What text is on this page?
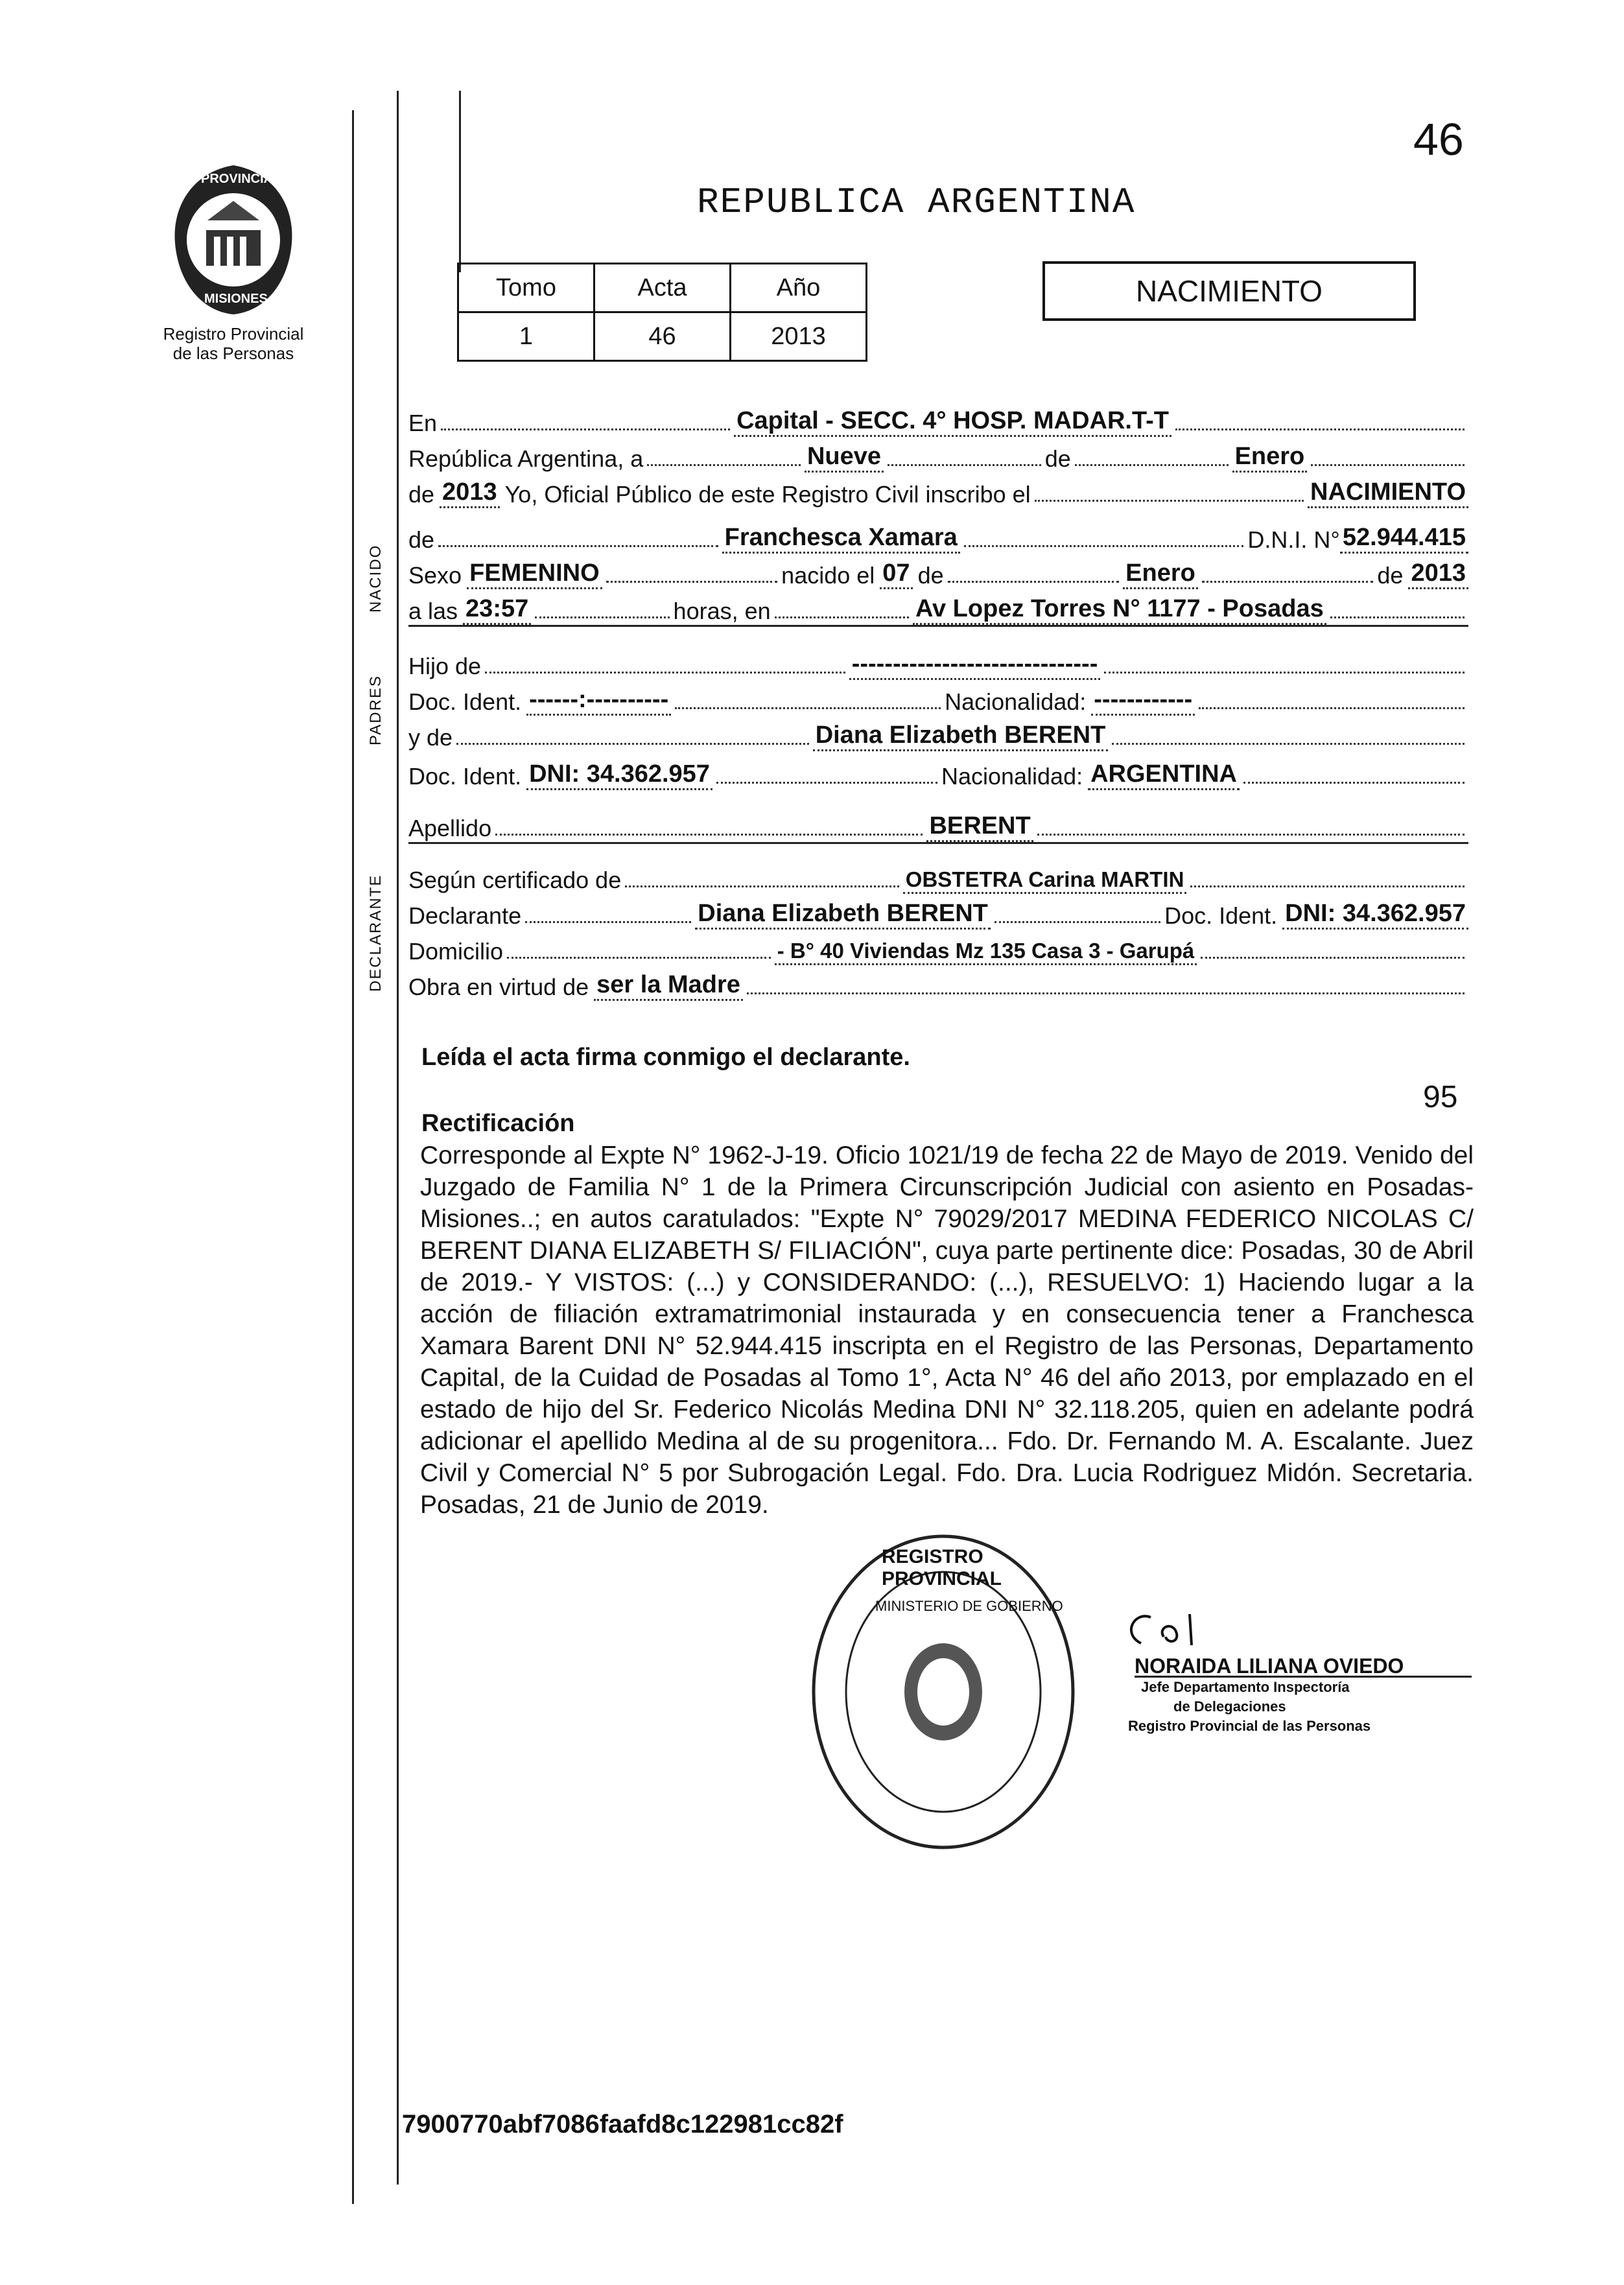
PROVINCIA
MISIONES
Registro Provincial
de las Personas
46
REPUBLICA ARGENTINA
Tomo	Acta	Año
1	46	2013
NACIMIENTO
NACIDO
PADRES
DECLARANTE
En	Capital - SECC. 4° HOSP. MADAR.T-T
República Argentina, a	Nueve	de	Enero
de 2013 Yo, Oficial Público de este Registro Civil inscribo el	NACIMIENTO
de	Franchesca Xamara	D.N.I. N° 52.944.415
Sexo FEMENINO	nacido el 07 de	Enero	de 2013
a las 23:57	horas, en	Av Lopez Torres N° 1177 - Posadas
Hijo de	------------------------------
Doc. Ident. ------:----------	Nacionalidad: ------------
y de	Diana Elizabeth BERENT
Doc. Ident. DNI: 34.362.957	Nacionalidad: ARGENTINA
Apellido	BERENT
Según certificado de	OBSTETRA Carina MARTIN
Declarante	Diana Elizabeth BERENT	Doc. Ident. DNI: 34.362.957
Domicilio	- B° 40 Viviendas Mz 135 Casa 3 - Garupá
Obra en virtud de ser la Madre
Leída el acta firma conmigo el declarante.
95
Rectificación
Corresponde al Expte N° 1962-J-19. Oficio 1021/19 de fecha 22 de Mayo de 2019. Venido del Juzgado de Familia N° 1 de la Primera Circunscripción Judicial con asiento en Posadas- Misiones..; en autos caratulados: "Expte N° 79029/2017 MEDINA FEDERICO NICOLAS C/ BERENT DIANA ELIZABETH S/ FILIACIÓN", cuya parte pertinente dice: Posadas, 30 de Abril de 2019.- Y VISTOS: (...) y CONSIDERANDO: (...), RESUELVO: 1) Haciendo lugar a la acción de filiación extramatrimonial instaurada y en consecuencia tener a Franchesca Xamara Barent DNI N° 52.944.415 inscripta en el Registro de las Personas, Departamento Capital, de la Cuidad de Posadas al Tomo 1°, Acta N° 46 del año 2013, por emplazado en el estado de hijo del Sr. Federico Nicolás Medina DNI N° 32.118.205, quien en adelante podrá adicionar el apellido Medina al de su progenitora... Fdo. Dr. Fernando M. A. Escalante. Juez Civil y Comercial N° 5 por Subrogación Legal. Fdo. Dra. Lucia Rodriguez Midón. Secretaria. Posadas, 21 de Junio de 2019.
REGISTRO PROVINCIAL
MINISTERIO DE GOBIERNO
NORAIDA LILIANA OVIEDO
Jefe Departamento Inspectoría
de Delegaciones
Registro Provincial de las Personas
7900770abf7086faafd8c122981cc82f
